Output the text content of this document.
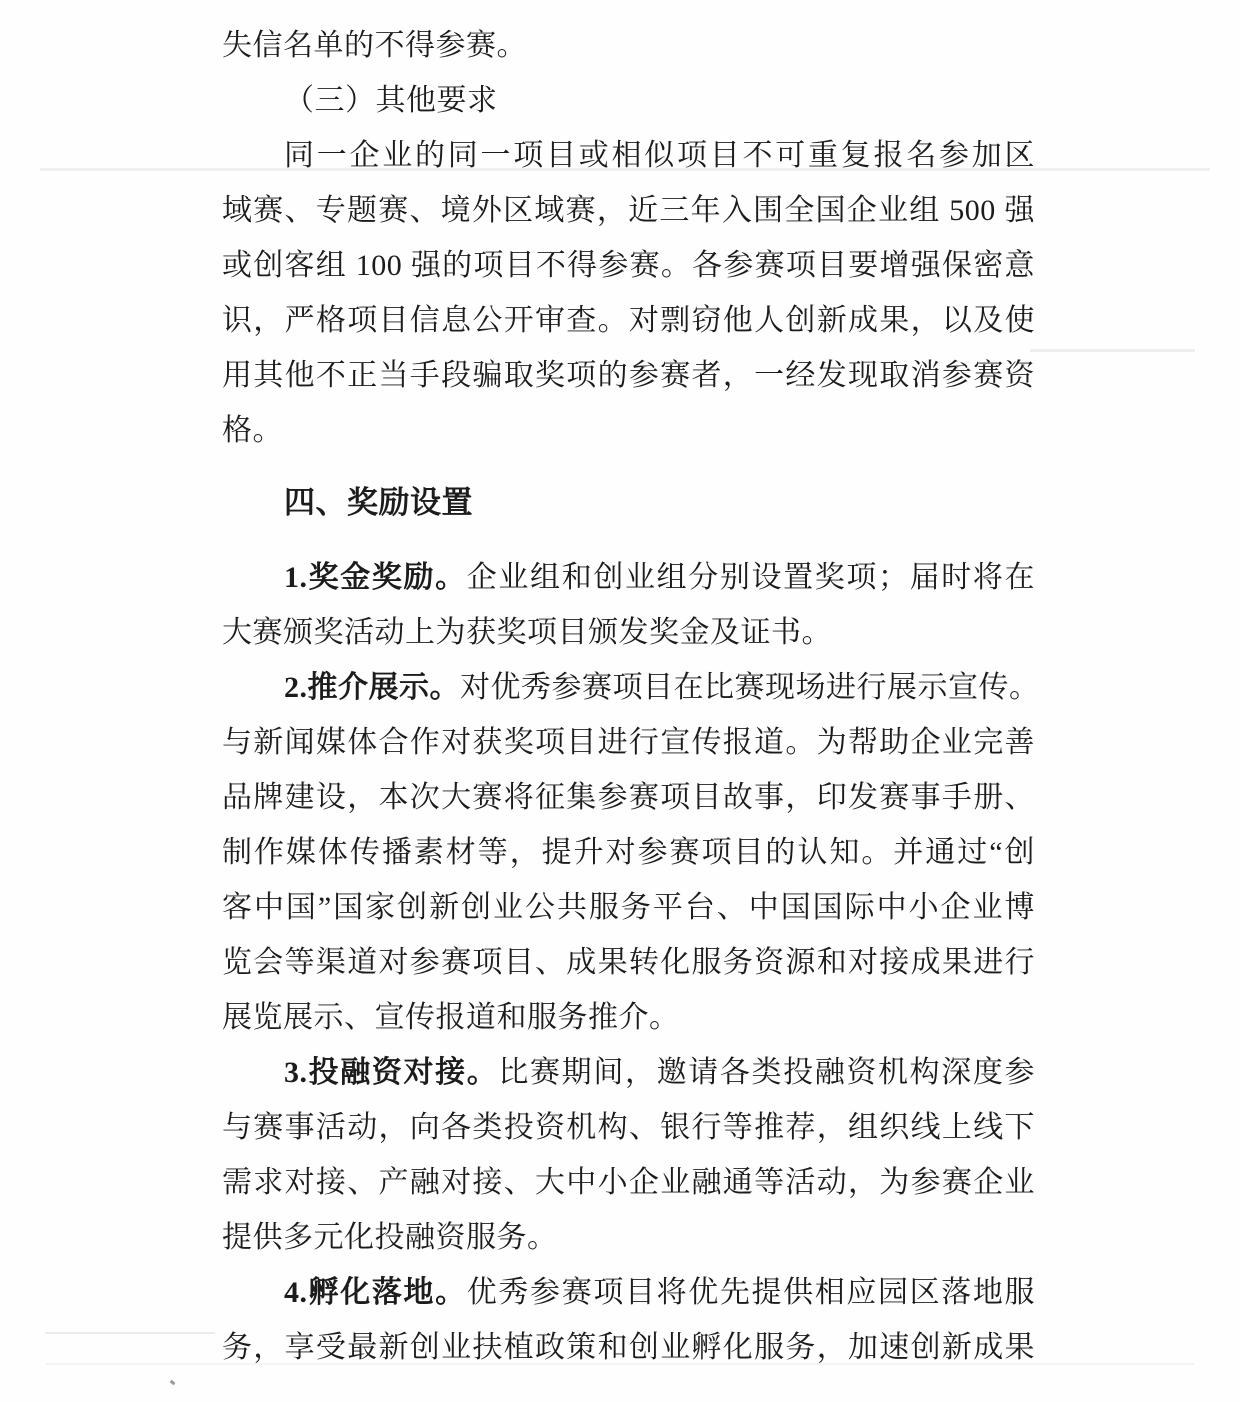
失信名单的不得参赛。
（三）其他要求
同一企业的同一项目或相似项目不可重复报名参加区
域赛、专题赛、境外区域赛，近三年入围全国企业组 500 强
或创客组 100 强的项目不得参赛。各参赛项目要增强保密意
识，严格项目信息公开审查。对剽窃他人创新成果，以及使
用其他不正当手段骗取奖项的参赛者，一经发现取消参赛资
格。
四、奖励设置
1.奖金奖励。企业组和创业组分别设置奖项；届时将在
大赛颁奖活动上为获奖项目颁发奖金及证书。
2.推介展示。对优秀参赛项目在比赛现场进行展示宣传。
与新闻媒体合作对获奖项目进行宣传报道。为帮助企业完善
品牌建设，本次大赛将征集参赛项目故事，印发赛事手册、
制作媒体传播素材等，提升对参赛项目的认知。并通过“创
客中国”国家创新创业公共服务平台、中国国际中小企业博
览会等渠道对参赛项目、成果转化服务资源和对接成果进行
展览展示、宣传报道和服务推介。
3.投融资对接。比赛期间，邀请各类投融资机构深度参
与赛事活动，向各类投资机构、银行等推荐，组织线上线下
需求对接、产融对接、大中小企业融通等活动，为参赛企业
提供多元化投融资服务。
4.孵化落地。优秀参赛项目将优先提供相应园区落地服
务，享受最新创业扶植政策和创业孵化服务，加速创新成果
